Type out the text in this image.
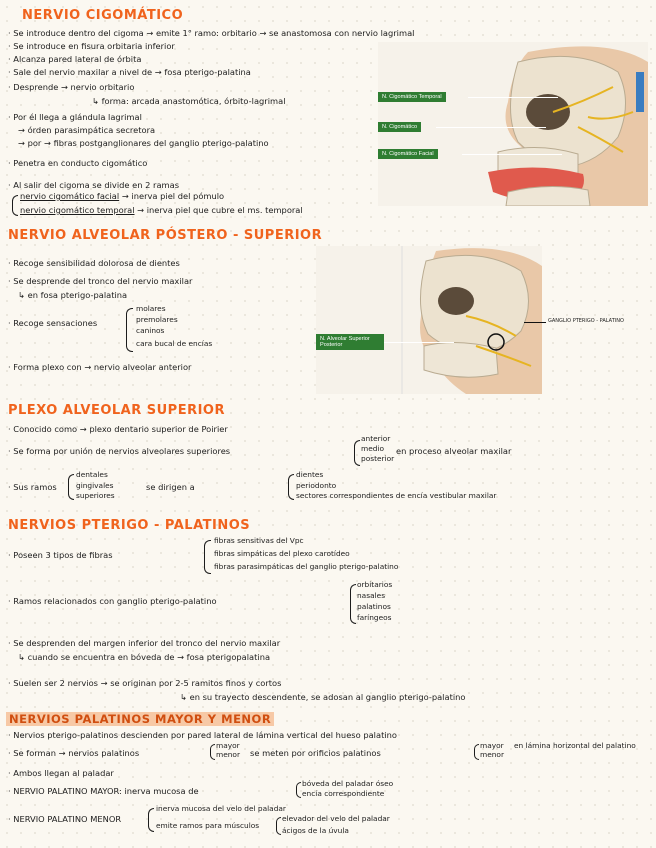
NERVIO CIGOMÁTICO
· Se introduce dentro del cigoma → emite 1° ramo: orbitario → se anastomosa con nervio lagrimal
· Se introduce en fisura orbitaria inferior
· Alcanza pared lateral de órbita
· Sale del nervio maxilar a nivel de → fosa pterigo-palatina
· Desprende → nervio orbitario
↳ forma: arcada anastomótica, órbito-lagrimal
· Por él llega a glándula lagrimal
→ órden parasimpática secretora
→ por → fibras postganglionares del ganglio pterigo-palatino
· Penetra en conducto cigomático
· Al salir del cigoma se divide en 2 ramas
nervio cigomático facial → inerva piel del pómulo
nervio cigomático temporal → inerva piel que cubre el ms. temporal
N. Cigomático Temporal
N. Cigomático
N. Cigomático Facial
NERVIO ALVEOLAR PÓSTERO - SUPERIOR
· Recoge sensibilidad dolorosa de dientes
· Se desprende del tronco del nervio maxilar
↳ en fosa pterigo-palatina
· Recoge sensaciones
molares
premolares
caninos
cara bucal de encías
· Forma plexo con → nervio alveolar anterior
N. Alveolar Superior Posterior
GANGLIO PTERIGO - PALATINO
PLEXO ALVEOLAR SUPERIOR
· Conocido como → plexo dentario superior de Poirier
· Se forma por unión de nervios alveolares superiores
anterior
medio
posterior
en proceso alveolar maxilar
· Sus ramos
dentales
gingivales
superiores
se dirigen a
dientes
periodonto
sectores correspondientes de encía vestibular maxilar
NERVIOS PTERIGO - PALATINOS
· Poseen 3 tipos de fibras
fibras sensitivas del Vpc
fibras simpáticas del plexo carotídeo
fibras parasimpáticas del ganglio pterigo-palatino
· Ramos relacionados con ganglio pterigo-palatino
orbitarios
nasales
palatinos
faríngeos
· Se desprenden del margen inferior del tronco del nervio maxilar
↳ cuando se encuentra en bóveda de → fosa pterigopalatina
· Suelen ser 2 nervios → se originan por 2-5 ramitos finos y cortos
↳ en su trayecto descendente, se adosan al ganglio pterigo-palatino
NERVIOS PALATINOS MAYOR Y MENOR
· Nervios pterigo-palatinos descienden por pared lateral de lámina vertical del hueso palatino
· Se forman → nervios palatinos
mayor
menor se meten por orificios palatinos
mayor
menor
en lámina horizontal del palatino
· Ambos llegan al paladar
· NERVIO PALATINO MAYOR: inerva mucosa de
bóveda del paladar óseo
encía correspondiente
· NERVIO PALATINO MENOR
inerva mucosa del velo del paladar
emite ramos para músculos
elevador del velo del paladar
ácigos de la úvula
